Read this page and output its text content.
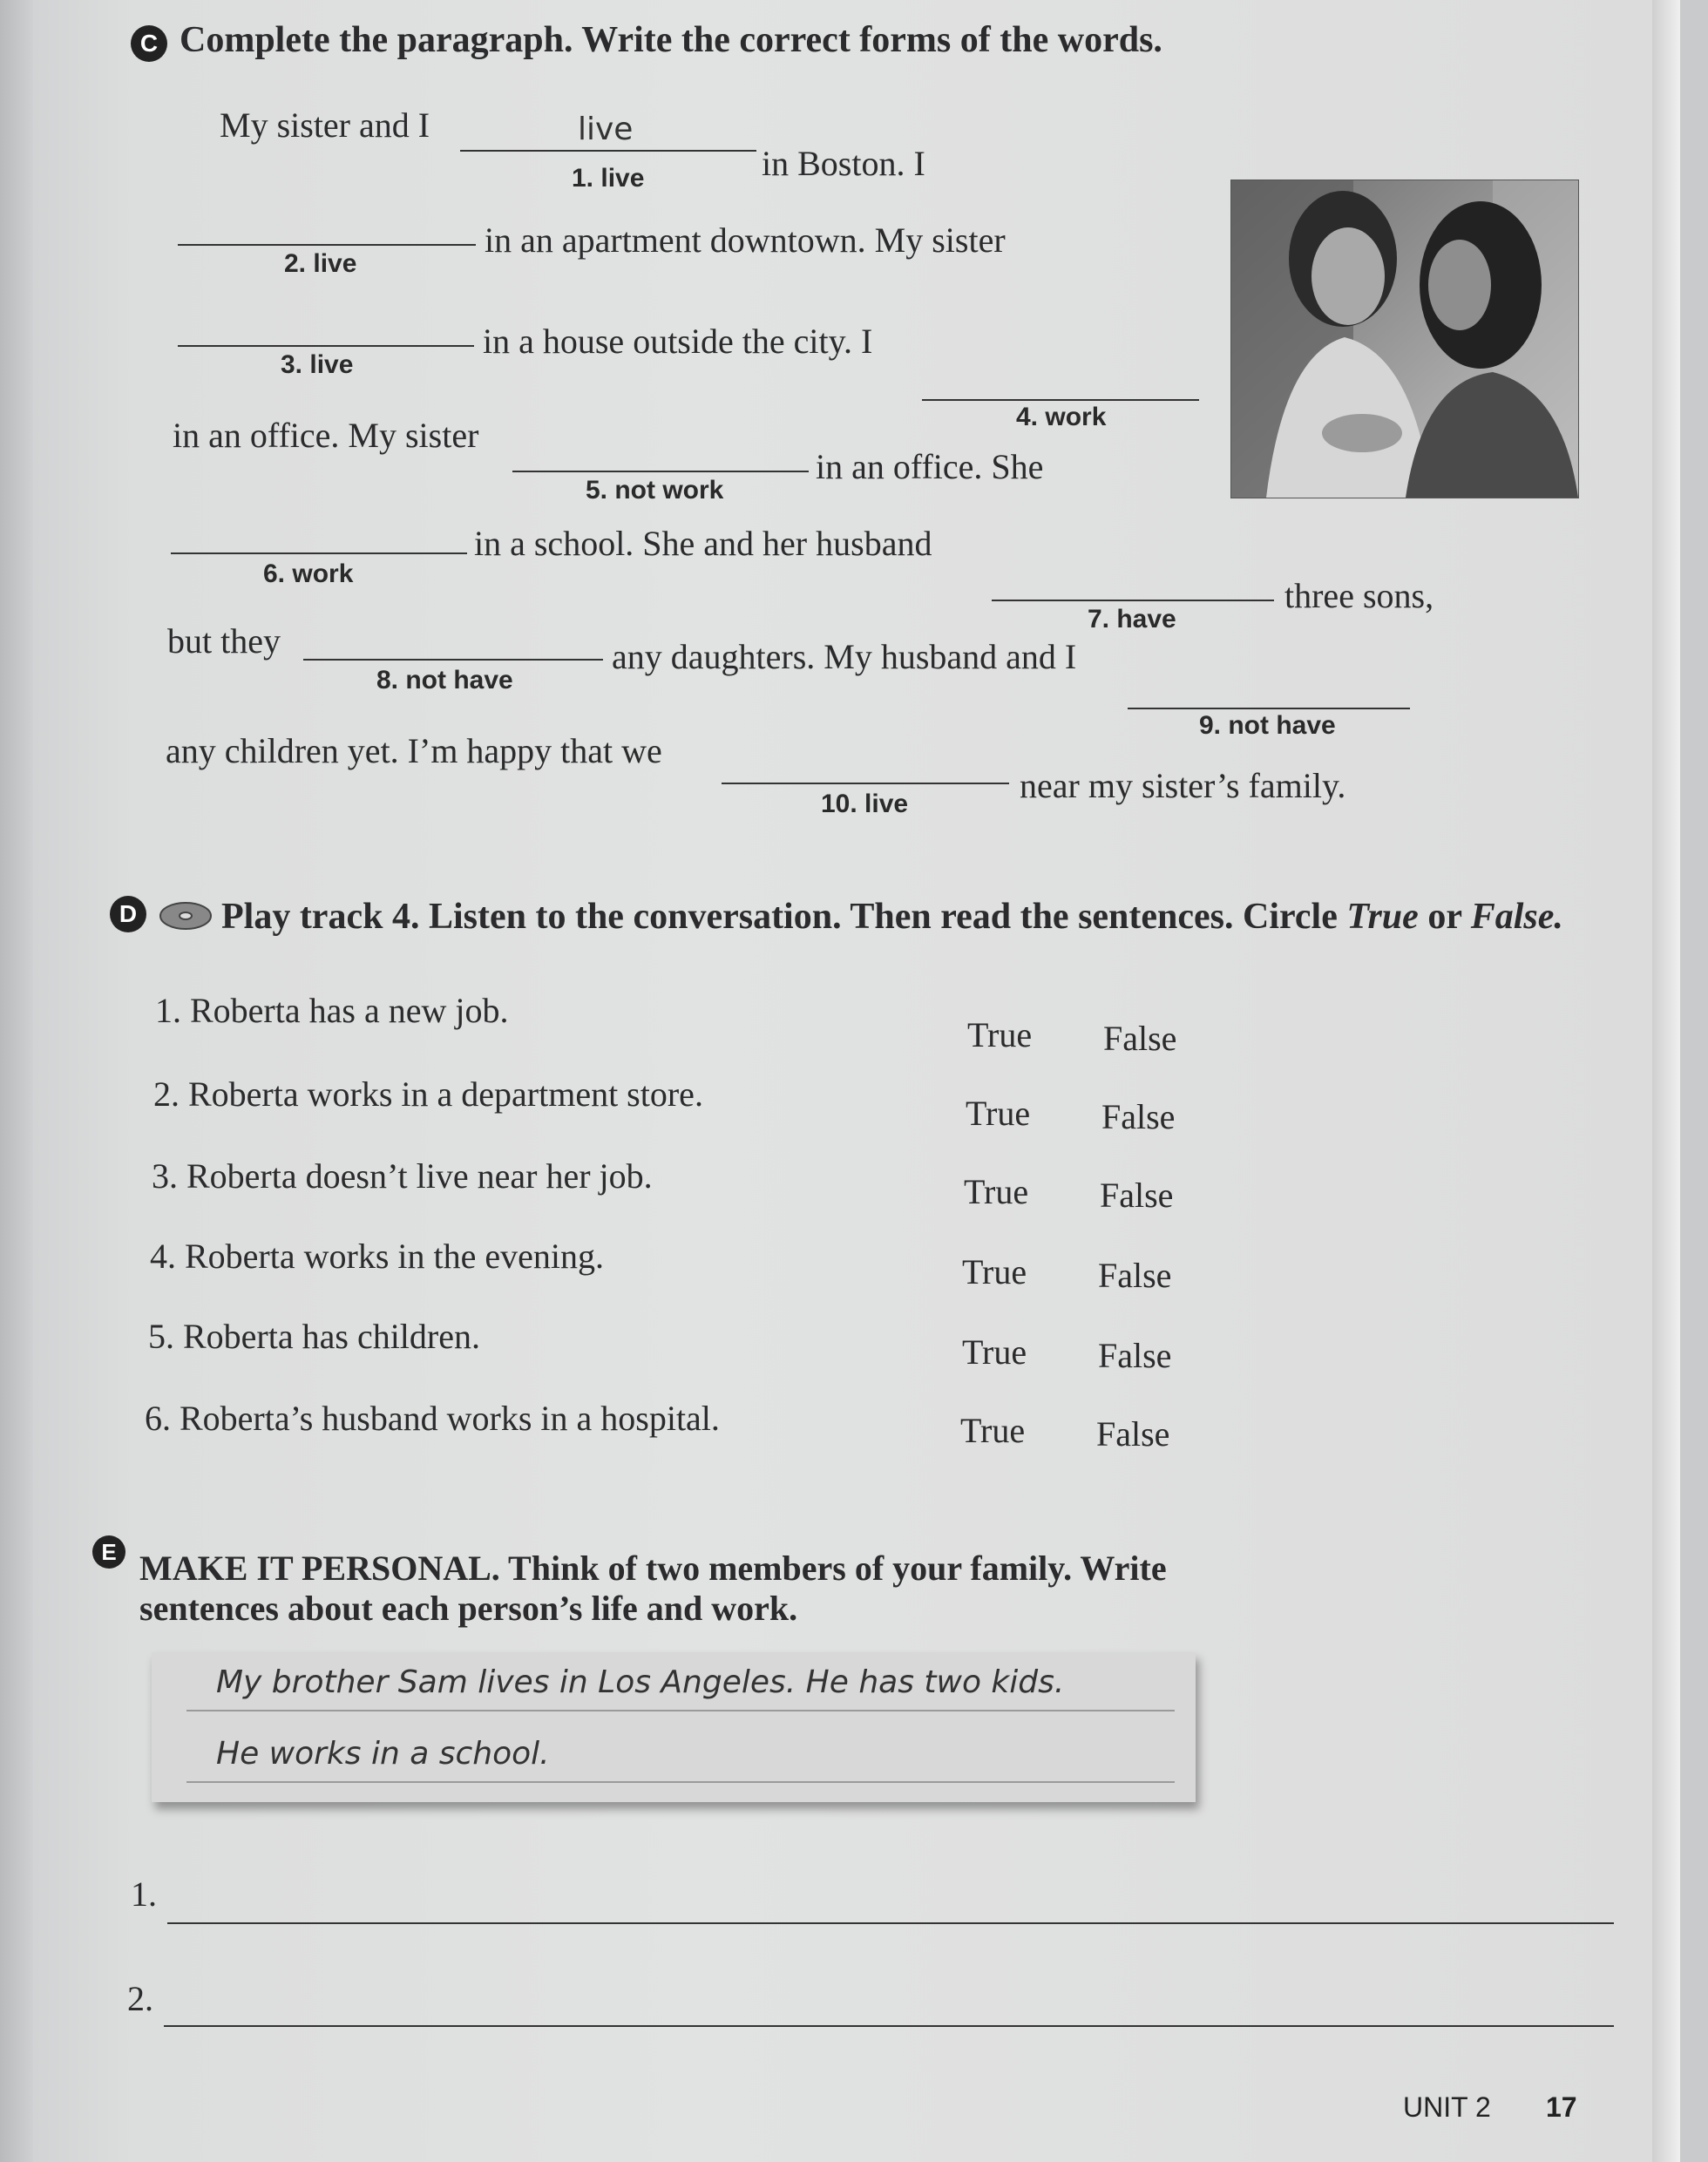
C Complete the paragraph. Write the correct forms of the words.
My sister and I	live
1. live	in Boston. I
2. live
in an apartment downtown. My sister
3. live
in a house outside the city. I
4. work
in an office. My sister
5. not work
in an office. She
6. work
in a school. She and her husband
7. have
three sons,
but they
8. not have
any daughters. My husband and I
9. not have
any children yet. I’m happy that we
10. live	near my sister’s family.
D Play track 4. Listen to the conversation. Then read the sentences. Circle True or False.
1. Roberta has a new job.
True False
2. Roberta works in a department store.	True False
3. Roberta doesn’t live near her job.	True False
4. Roberta works in the evening.	True False
5. Roberta has children.	True False
6. Roberta’s husband works in a hospital.	True False
E MAKE IT PERSONAL. Think of two members of your family. Write
sentences about each person’s life and work.
My brother Sam lives in Los Angeles. He has two kids.
He works in a school.
1.
2.
UNIT 2 17
